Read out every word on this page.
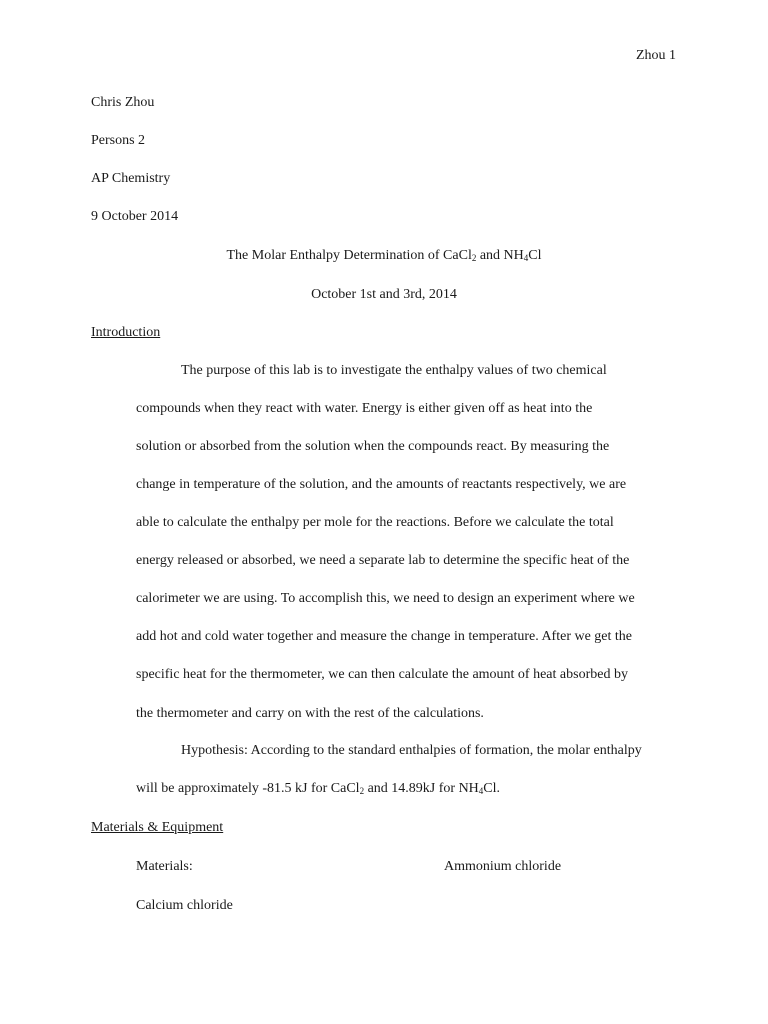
Zhou 1
Chris Zhou
Persons 2
AP Chemistry
9 October 2014
The Molar Enthalpy Determination of CaCl$_2$ and $NH_4Cl$
October 1st and 3rd, 2014
Introduction
The purpose of this lab is to investigate the enthalpy values of two chemical
compounds when they react with water. Energy is either given off as heat into the
solution or absorbed from the solution when the compounds react. By measuring the
change in temperature of the solution, and the amounts of reactants respectively, we are
able to calculate the enthalpy per mole for the reactions. Before we calculate the total
energy released or absorbed, we need a separate lab to determine the specific heat of the
calorimeter we are using. To accomplish this, we need to design an experiment where we
add hot and cold water together and measure the change in temperature. After we get the
specific heat for the thermometer, we can then calculate the amount of heat absorbed by
the thermometer and carry on with the rest of the calculations.
Hypothesis: According to the standard enthalpies of formation, the molar enthalpy
will be approximately -81.5 kJ for CaCl$_2$ and 14.89kJ for $NH_4Cl$.
Materials & Equipment
Materials:	Ammonium chloride
Calcium chloride
